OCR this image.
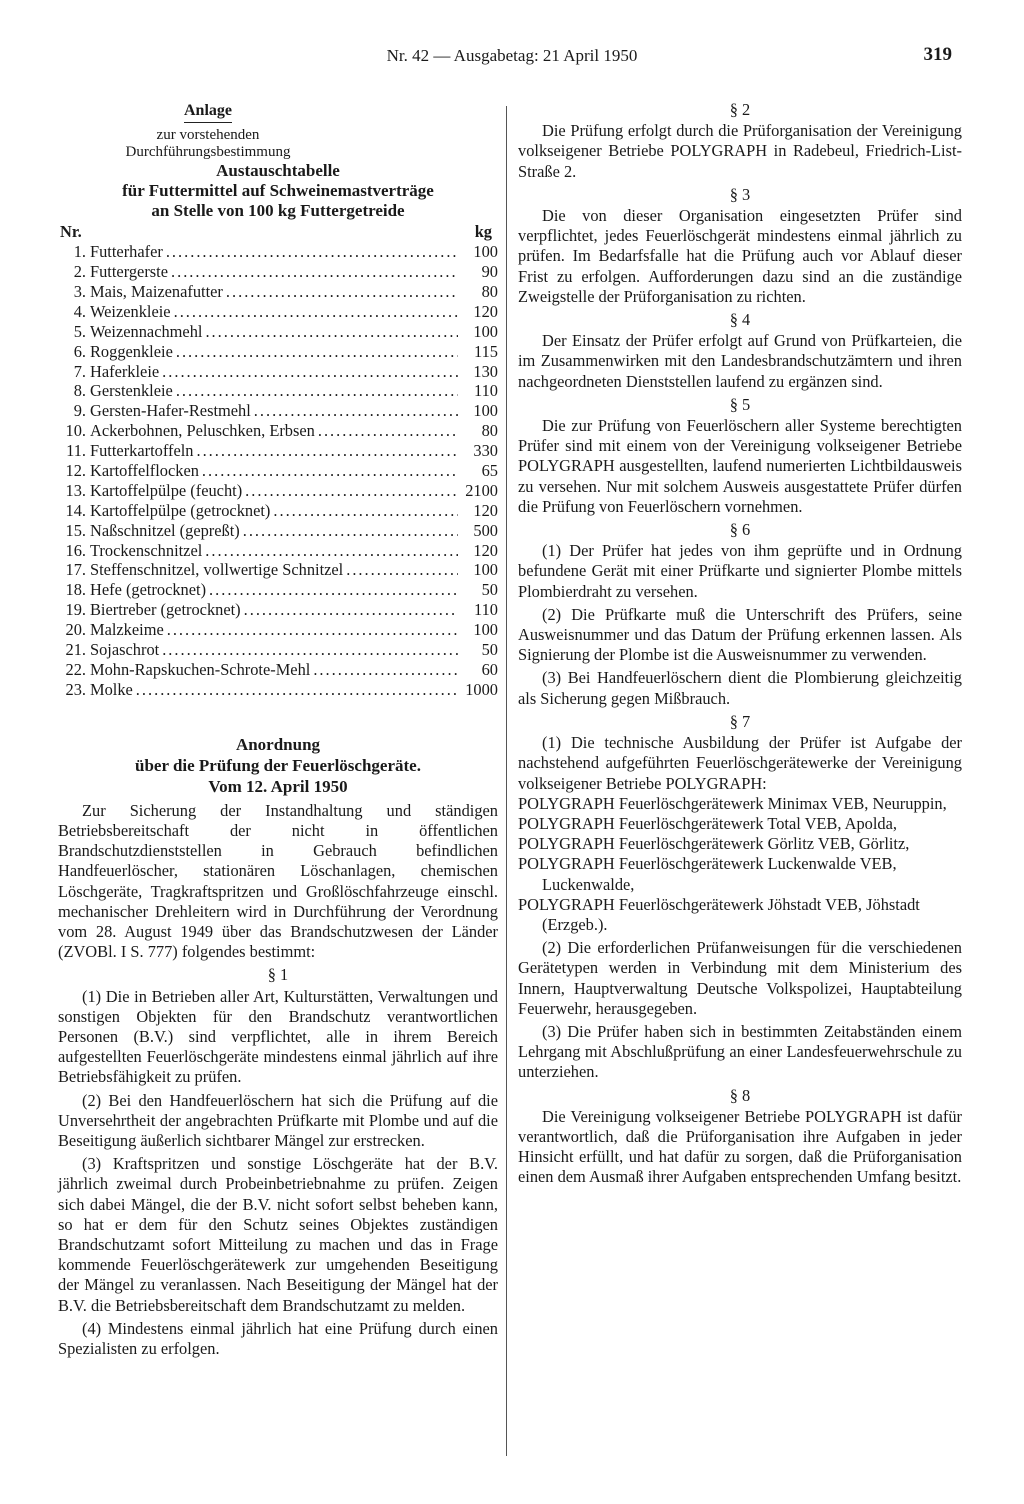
Nr. 42 — Ausgabetag: 21 April 1950	319
Anlage
zur vorstehenden
Durchführungsbestimmung
Austauschtabelle
für Futtermittel auf Schweinemastverträge
an Stelle von 100 kg Futtergetreide
Nr.	kg
1. Futterhafer .....	100
2. Futtergerste .....	90
3. Mais, Maizenafutter .....	80
4. Weizenkleie .....	120
5. Weizennachmehl .....	100
6. Roggenkleie .....	115
7. Haferkleie .....	130
8. Gerstenkleie .....	110
9. Gersten-Hafer-Restmehl .....	100
10. Ackerbohnen, Peluschken, Erbsen .....	80
11. Futterkartoffeln .....	330
12. Kartoffelflocken .....	65
13. Kartoffelpülpe (feucht) .....	2100
14. Kartoffelpülpe (getrocknet) .....	120
15. Naßschnitzel (gepreßt) .....	500
16. Trockenschnitzel .....	120
17. Steffenschnitzel, vollwertige Schnitzel .....	100
18. Hefe (getrocknet) .....	50
19. Biertreber (getrocknet) .....	110
20. Malzkeime .....	100
21. Sojaschrot .....	50
22. Mohn-Rapskuchen-Schrote-Mehl .....	60
23. Molke .....	1000
Anordnung
über die Prüfung der Feuerlöschgeräte.
Vom 12. April 1950

Zur Sicherung der Instandhaltung und ständigen Betriebsbereitschaft der nicht in öffentlichen Brandschutzdienststellen in Gebrauch befindlichen Handfeuerlöscher, stationären Löschanlagen, chemischen Löschgeräte, Tragkraftspritzen und Großlöschfahrzeuge einschl. mechanischer Drehleitern wird in Durchführung der Verordnung vom 28. August 1949 über das Brandschutzwesen der Länder (ZVOBl. I S. 777) folgendes bestimmt:

§ 1

(1) Die in Betrieben aller Art, Kulturstätten, Verwaltungen und sonstigen Objekten für den Brandschutz verantwortlichen Personen (B.V.) sind verpflichtet, alle in ihrem Bereich aufgestellten Feuerlöschgeräte mindestens einmal jährlich auf ihre Betriebsfähigkeit zu prüfen.

(2) Bei den Handfeuerlöschern hat sich die Prüfung auf die Unversehrtheit der angebrachten Prüfkarte mit Plombe und auf die Beseitigung äußerlich sichtbarer Mängel zur erstrecken.

(3) Kraftspritzen und sonstige Löschgeräte hat der B.V. jährlich zweimal durch Probeinbetriebnahme zu prüfen. Zeigen sich dabei Mängel, die der B.V. nicht sofort selbst beheben kann, so hat er dem für den Schutz seines Objektes zuständigen Brandschutzamt sofort Mitteilung zu machen und das in Frage kommende Feuerlöschgerätewerk zur umgehenden Beseitigung der Mängel zu veranlassen. Nach Beseitigung der Mängel hat der B.V. die Betriebsbereitschaft dem Brandschutzamt zu melden.

(4) Mindestens einmal jährlich hat eine Prüfung durch einen Spezialisten zu erfolgen.

§ 2

Die Prüfung erfolgt durch die Prüforganisation der Vereinigung volkseigener Betriebe POLYGRAPH in Radebeul, Friedrich-List-Straße 2.

§ 3

Die von dieser Organisation eingesetzten Prüfer sind verpflichtet, jedes Feuerlöschgerät mindestens einmal jährlich zu prüfen. Im Bedarfsfalle hat die Prüfung auch vor Ablauf dieser Frist zu erfolgen. Aufforderungen dazu sind an die zuständige Zweigstelle der Prüforganisation zu richten.

§ 4

Der Einsatz der Prüfer erfolgt auf Grund von Prüfkarteien, die im Zusammenwirken mit den Landesbrandschutzämtern und ihren nachgeordneten Dienststellen laufend zu ergänzen sind.

§ 5

Die zur Prüfung von Feuerlöschern aller Systeme berechtigten Prüfer sind mit einem von der Vereinigung volkseigener Betriebe POLYGRAPH ausgestellten, laufend numerierten Lichtbildausweis zu versehen. Nur mit solchem Ausweis ausgestattete Prüfer dürfen die Prüfung von Feuerlöschern vornehmen.

§ 6

(1) Der Prüfer hat jedes von ihm geprüfte und in Ordnung befundene Gerät mit einer Prüfkarte und signierter Plombe mittels Plombierdraht zu versehen.

(2) Die Prüfkarte muß die Unterschrift des Prüfers, seine Ausweisnummer und das Datum der Prüfung erkennen lassen. Als Signierung der Plombe ist die Ausweisnummer zu verwenden.

(3) Bei Handfeuerlöschern dient die Plombierung gleichzeitig als Sicherung gegen Mißbrauch.

§ 7

(1) Die technische Ausbildung der Prüfer ist Aufgabe der nachstehend aufgeführten Feuerlöschgerätewerke der Vereinigung volkseigener Betriebe POLYGRAPH:

POLYGRAPH Feuerlöschgerätewerk Minimax VEB, Neuruppin,

POLYGRAPH Feuerlöschgerätewerk Total VEB, Apolda,

POLYGRAPH Feuerlöschgerätewerk Görlitz VEB, Görlitz,

POLYGRAPH Feuerlöschgerätewerk Luckenwalde VEB, Luckenwalde,

POLYGRAPH Feuerlöschgerätewerk Jöhstadt VEB, Jöhstadt (Erzgeb.).

(2) Die erforderlichen Prüfanweisungen für die verschiedenen Gerätetypen werden in Verbindung mit dem Ministerium des Innern, Hauptverwaltung Deutsche Volkspolizei, Hauptabteilung Feuerwehr, herausgegeben.

(3) Die Prüfer haben sich in bestimmten Zeitabständen einem Lehrgang mit Abschlußprüfung an einer Landesfeuerwehrschule zu unterziehen.

§ 8

Die Vereinigung volkseigener Betriebe POLYGRAPH ist dafür verantwortlich, daß die Prüforganisation ihre Aufgaben in jeder Hinsicht erfüllt, und hat dafür zu sorgen, daß die Prüforganisation einen dem Ausmaß ihrer Aufgaben entsprechenden Umfang besitzt.
